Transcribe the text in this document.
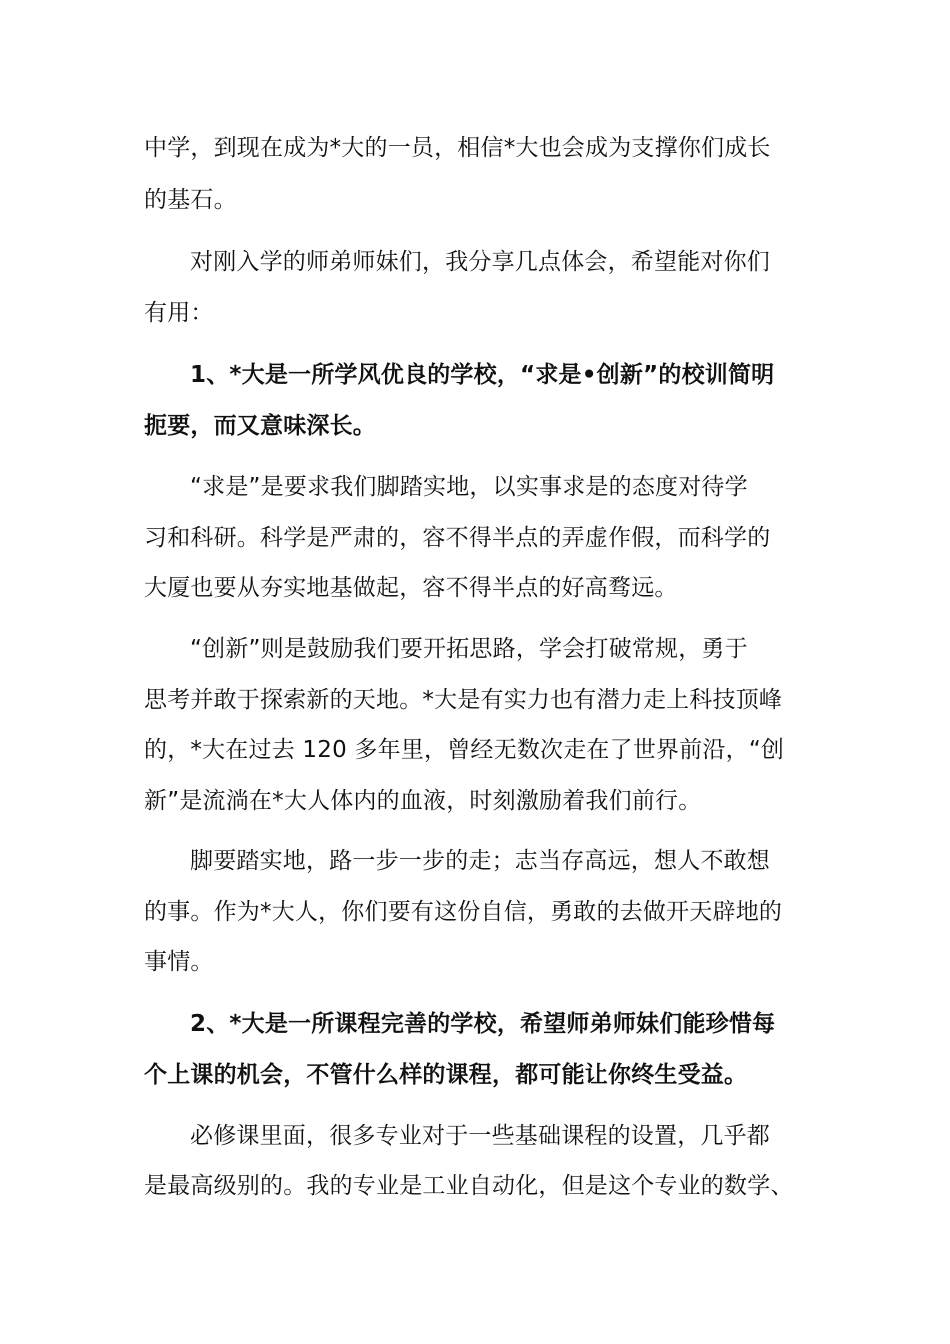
中学，到现在成为*大的一员，相信*大也会成为支撑你们成长
的基石。
对刚入学的师弟师妹们，我分享几点体会，希望能对你们
有用：
1、*大是一所学风优良的学校，“求是•创新”的校训简明
扼要，而又意味深长。
“求是”是要求我们脚踏实地，以实事求是的态度对待学
习和科研。科学是严肃的，容不得半点的弄虚作假，而科学的
大厦也要从夯实地基做起，容不得半点的好高骛远。
“创新”则是鼓励我们要开拓思路，学会打破常规，勇于
思考并敢于探索新的天地。*大是有实力也有潜力走上科技顶峰
的，*大在过去 120 多年里，曾经无数次走在了世界前沿，“创
新”是流淌在*大人体内的血液，时刻激励着我们前行。
脚要踏实地，路一步一步的走；志当存高远，想人不敢想
的事。作为*大人，你们要有这份自信，勇敢的去做开天辟地的
事情。
2、*大是一所课程完善的学校，希望师弟师妹们能珍惜每
个上课的机会，不管什么样的课程，都可能让你终生受益。
必修课里面，很多专业对于一些基础课程的设置，几乎都
是最高级别的。我的专业是工业自动化，但是这个专业的数学、
